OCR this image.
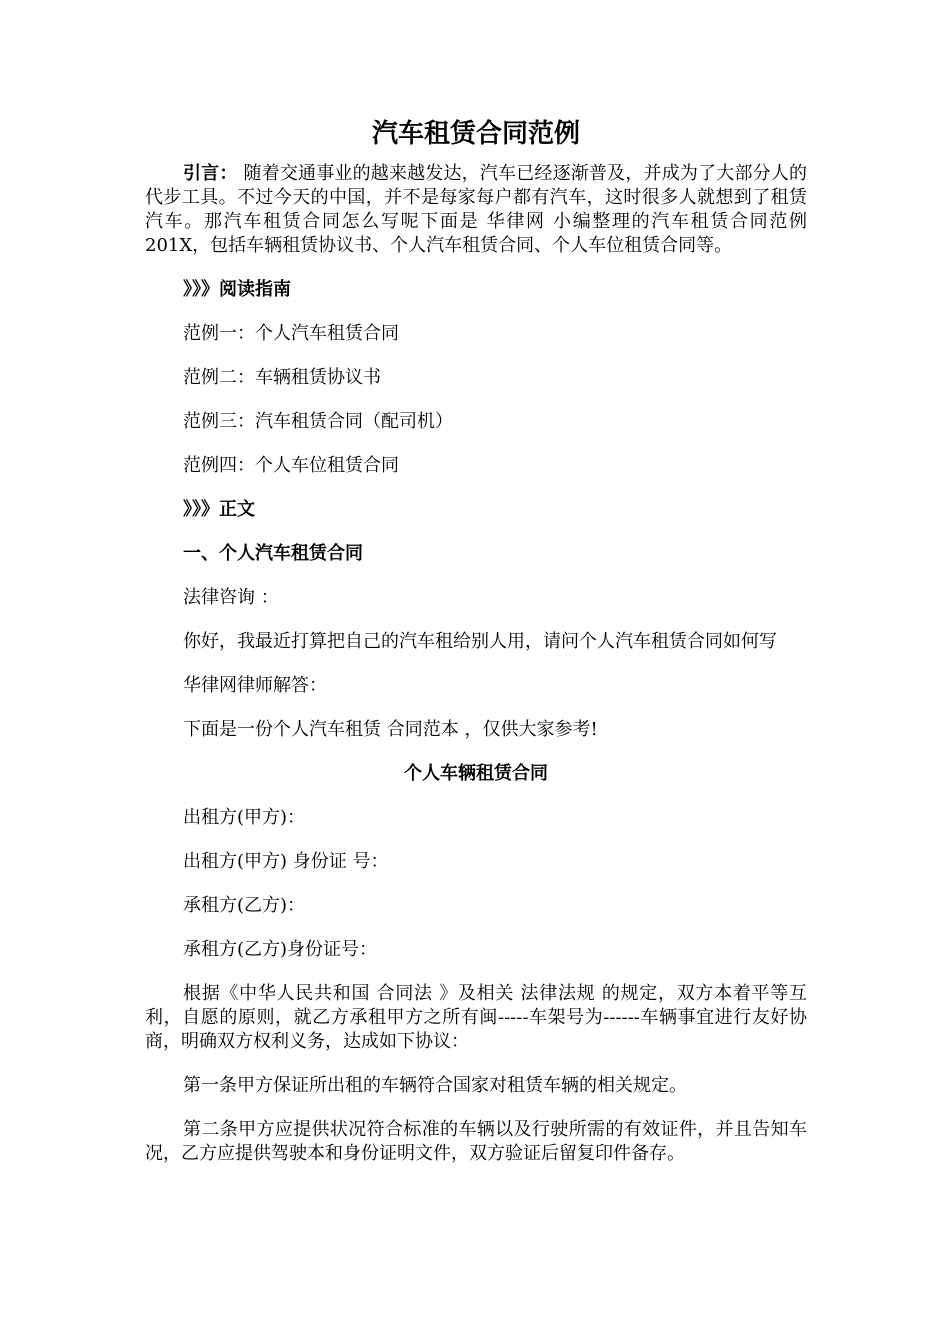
汽车租赁合同范例

引言： 随着交通事业的越来越发达，汽车已经逐渐普及，并成为了大部分人的代步工具。不过今天的中国，并不是每家每户都有汽车，这时很多人就想到了租赁汽车。那汽车租赁合同怎么写呢下面是 华律网 小编整理的汽车租赁合同范例201X，包括车辆租赁协议书、个人汽车租赁合同、个人车位租赁合同等。

》》》阅读指南

范例一：个人汽车租赁合同

范例二：车辆租赁协议书

范例三：汽车租赁合同（配司机）

范例四：个人车位租赁合同

》》》正文

一、个人汽车租赁合同

法律咨询 ：

你好，我最近打算把自己的汽车租给别人用，请问个人汽车租赁合同如何写

华律网律师解答：

下面是一份个人汽车租赁 合同范本 ，仅供大家参考!

个人车辆租赁合同

出租方(甲方)：

出租方(甲方) 身份证 号：

承租方(乙方)：

承租方(乙方)身份证号：

根据《中华人民共和国 合同法 》及相关 法律法规 的规定，双方本着平等互利，自愿的原则，就乙方承租甲方之所有闽-----车架号为------车辆事宜进行友好协商，明确双方权利义务，达成如下协议：

第一条甲方保证所出租的车辆符合国家对租赁车辆的相关规定。

第二条甲方应提供状况符合标准的车辆以及行驶所需的有效证件，并且告知车况，乙方应提供驾驶本和身份证明文件，双方验证后留复印件备存。
